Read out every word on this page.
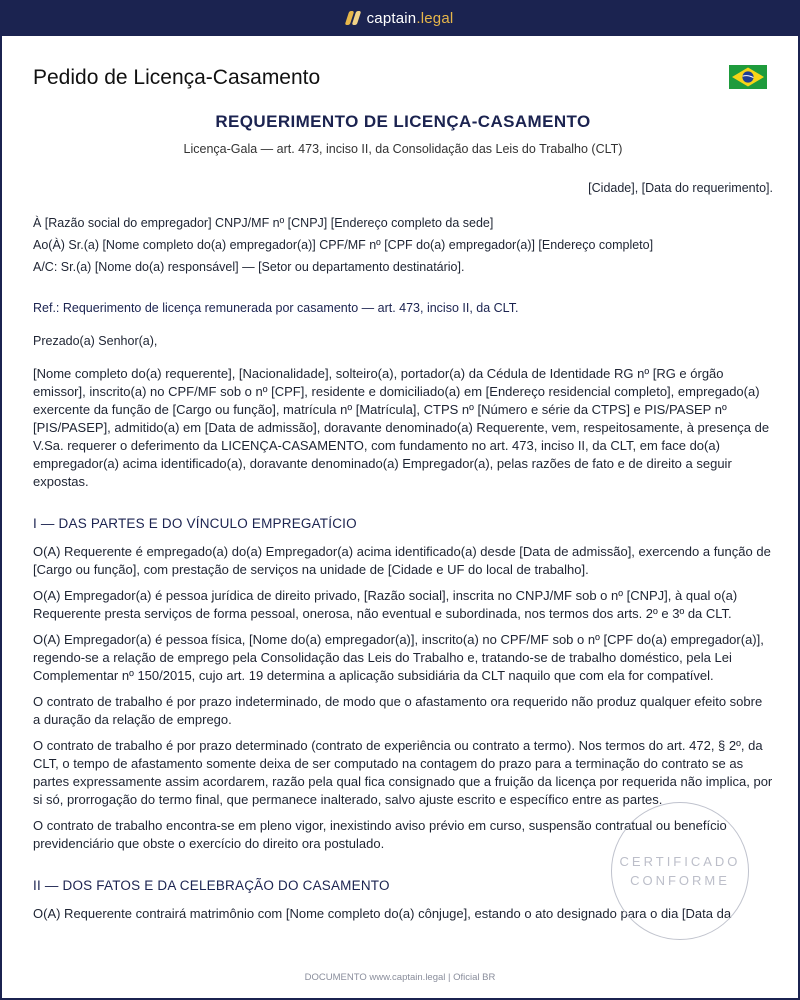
captain.legal
Pedido de Licença-Casamento
REQUERIMENTO DE LICENÇA-CASAMENTO

Licença-Gala — art. 473, inciso II, da Consolidação das Leis do Trabalho (CLT)

[Cidade], [Data do requerimento].

À [Razão social do empregador] CNPJ/MF nº [CNPJ] [Endereço completo da sede]

Ao(À) Sr.(a) [Nome completo do(a) empregador(a)] CPF/MF nº [CPF do(a) empregador(a)] [Endereço completo]

A/C: Sr.(a) [Nome do(a) responsável] — [Setor ou departamento destinatário].

Ref.: Requerimento de licença remunerada por casamento — art. 473, inciso II, da CLT.

Prezado(a) Senhor(a),

[Nome completo do(a) requerente], [Nacionalidade], solteiro(a), portador(a) da Cédula de Identidade RG nº [RG e órgão emissor], inscrito(a) no CPF/MF sob o nº [CPF], residente e domiciliado(a) em [Endereço residencial completo], empregado(a) exercente da função de [Cargo ou função], matrícula nº [Matrícula], CTPS nº [Número e série da CTPS] e PIS/PASEP nº [PIS/PASEP], admitido(a) em [Data de admissão], doravante denominado(a) Requerente, vem, respeitosamente, à presença de V.Sa. requerer o deferimento da LICENÇA-CASAMENTO, com fundamento no art. 473, inciso II, da CLT, em face do(a) empregador(a) acima identificado(a), doravante denominado(a) Empregador(a), pelas razões de fato e de direito a seguir expostas.

I — DAS PARTES E DO VÍNCULO EMPREGATÍCIO

O(A) Requerente é empregado(a) do(a) Empregador(a) acima identificado(a) desde [Data de admissão], exercendo a função de [Cargo ou função], com prestação de serviços na unidade de [Cidade e UF do local de trabalho].

O(A) Empregador(a) é pessoa jurídica de direito privado, [Razão social], inscrita no CNPJ/MF sob o nº [CNPJ], à qual o(a) Requerente presta serviços de forma pessoal, onerosa, não eventual e subordinada, nos termos dos arts. 2º e 3º da CLT.

O(A) Empregador(a) é pessoa física, [Nome do(a) empregador(a)], inscrito(a) no CPF/MF sob o nº [CPF do(a) empregador(a)], regendo-se a relação de emprego pela Consolidação das Leis do Trabalho e, tratando-se de trabalho doméstico, pela Lei Complementar nº 150/2015, cujo art. 19 determina a aplicação subsidiária da CLT naquilo que com ela for compatível.

O contrato de trabalho é por prazo indeterminado, de modo que o afastamento ora requerido não produz qualquer efeito sobre a duração da relação de emprego.

O contrato de trabalho é por prazo determinado (contrato de experiência ou contrato a termo). Nos termos do art. 472, § 2º, da CLT, o tempo de afastamento somente deixa de ser computado na contagem do prazo para a terminação do contrato se as partes expressamente assim acordarem, razão pela qual fica consignado que a fruição da licença por requerida não implica, por si só, prorrogação do termo final, que permanece inalterado, salvo ajuste escrito e específico entre as partes.

O contrato de trabalho encontra-se em pleno vigor, inexistindo aviso prévio em curso, suspensão contratual ou benefício previdenciário que obste o exercício do direito ora postulado.

II — DOS FATOS E DA CELEBRAÇÃO DO CASAMENTO

O(A) Requerente contrairá matrimônio com [Nome completo do(a) cônjuge], estando o ato designado para o dia [Data da

CERTIFICADO
CONFORME
DOCUMENTO www.captain.legal | Oficial BR
